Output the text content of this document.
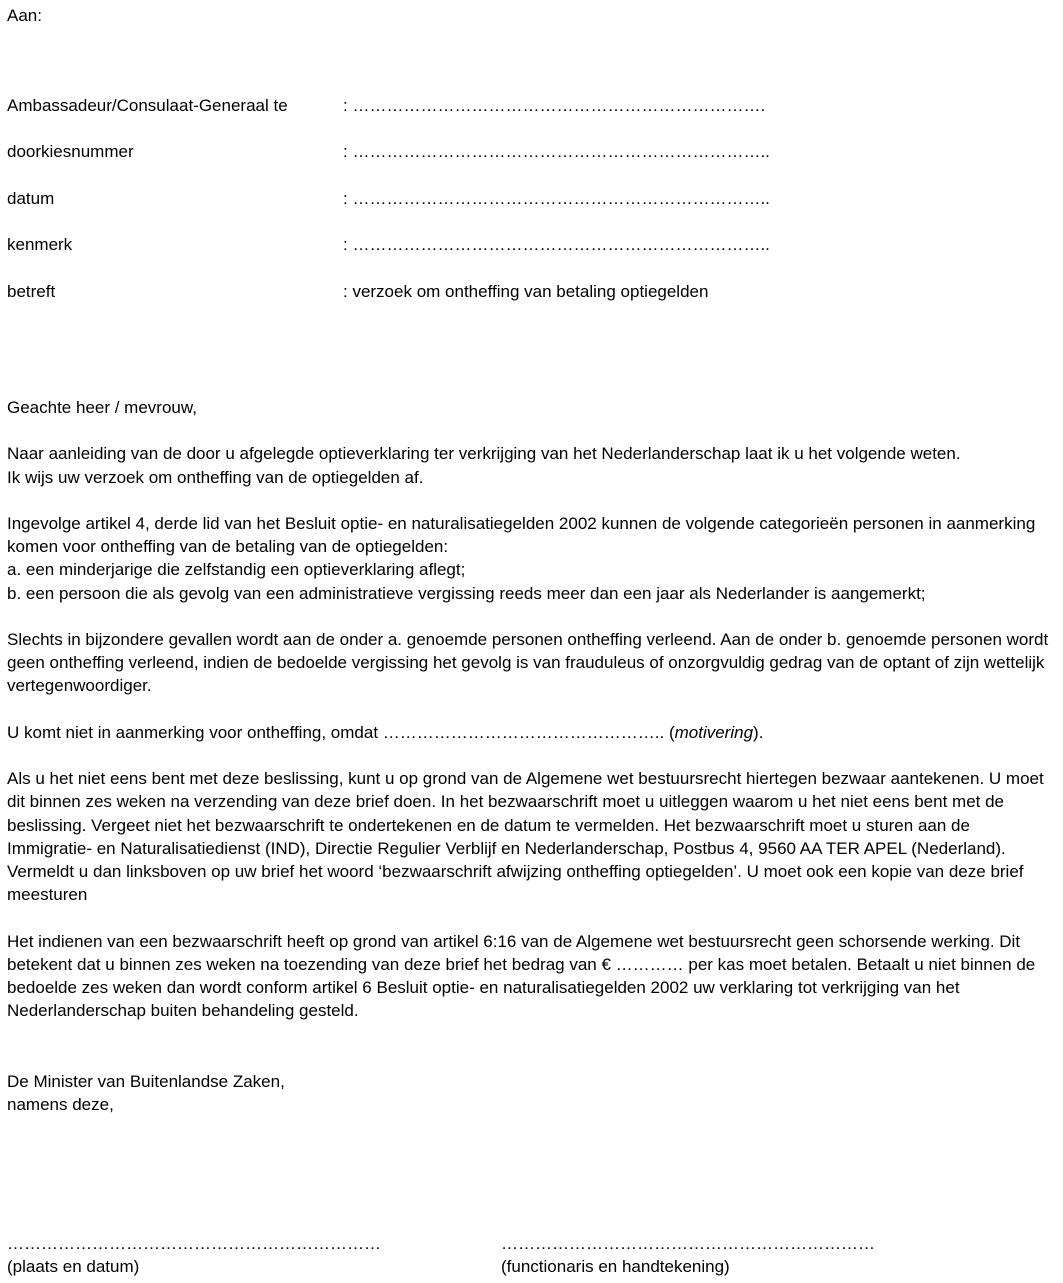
Aan:
Ambassadeur/Consulaat-Generaal te	: ……………………………………………………………….
doorkiesnummer	: ………………………………………………………………..
datum	: ………………………………………………………………..
kenmerk	: ………………………………………………………………..
betreft	: verzoek om ontheffing van betaling optiegelden

Geachte heer / mevrouw,

Naar aanleiding van de door u afgelegde optieverklaring ter verkrijging van het Nederlanderschap laat ik u het volgende weten.
Ik wijs uw verzoek om ontheffing van de optiegelden af.

Ingevolge artikel 4, derde lid van het Besluit optie- en naturalisatiegelden 2002 kunnen de volgende categorieën personen in aanmerking komen voor ontheffing van de betaling van de optiegelden:

a. een minderjarige die zelfstandig een optieverklaring aflegt;

b. een persoon die als gevolg van een administratieve vergissing reeds meer dan een jaar als Nederlander is aangemerkt;

Slechts in bijzondere gevallen wordt aan de onder a. genoemde personen ontheffing verleend. Aan de onder b. genoemde personen wordt geen ontheffing verleend, indien de bedoelde vergissing het gevolg is van frauduleus of onzorgvuldig gedrag van de optant of zijn wettelijk vertegenwoordiger.

U komt niet in aanmerking voor ontheffing, omdat ………………………………………….. (motivering).

Als u het niet eens bent met deze beslissing, kunt u op grond van de Algemene wet bestuursrecht hiertegen bezwaar aantekenen. U moet dit binnen zes weken na verzending van deze brief doen. In het bezwaarschrift moet u uitleggen waarom u het niet eens bent met de beslissing. Vergeet niet het bezwaarschrift te ondertekenen en de datum te vermelden. Het bezwaarschrift moet u sturen aan de Immigratie- en Naturalisatiedienst (IND), Directie Regulier Verblijf en Nederlanderschap, Postbus 4, 9560 AA TER APEL (Nederland). Vermeldt u dan linksboven op uw brief het woord ‘bezwaarschrift afwijzing ontheffing optiegelden’. U moet ook een kopie van deze brief meesturen

Het indienen van een bezwaarschrift heeft op grond van artikel 6:16 van de Algemene wet bestuursrecht geen schorsende werking. Dit betekent dat u binnen zes weken na toezending van deze brief het bedrag van € ………… per kas moet betalen. Betaalt u niet binnen de bedoelde zes weken dan wordt conform artikel 6 Besluit optie- en naturalisatiegelden 2002 uw verklaring tot verkrijging van het Nederlanderschap buiten behandeling gesteld.

De Minister van Buitenlandse Zaken,
namens deze,
…………………………………………………………
(plaats en datum)
…………………………………………………………
(functionaris en handtekening)
